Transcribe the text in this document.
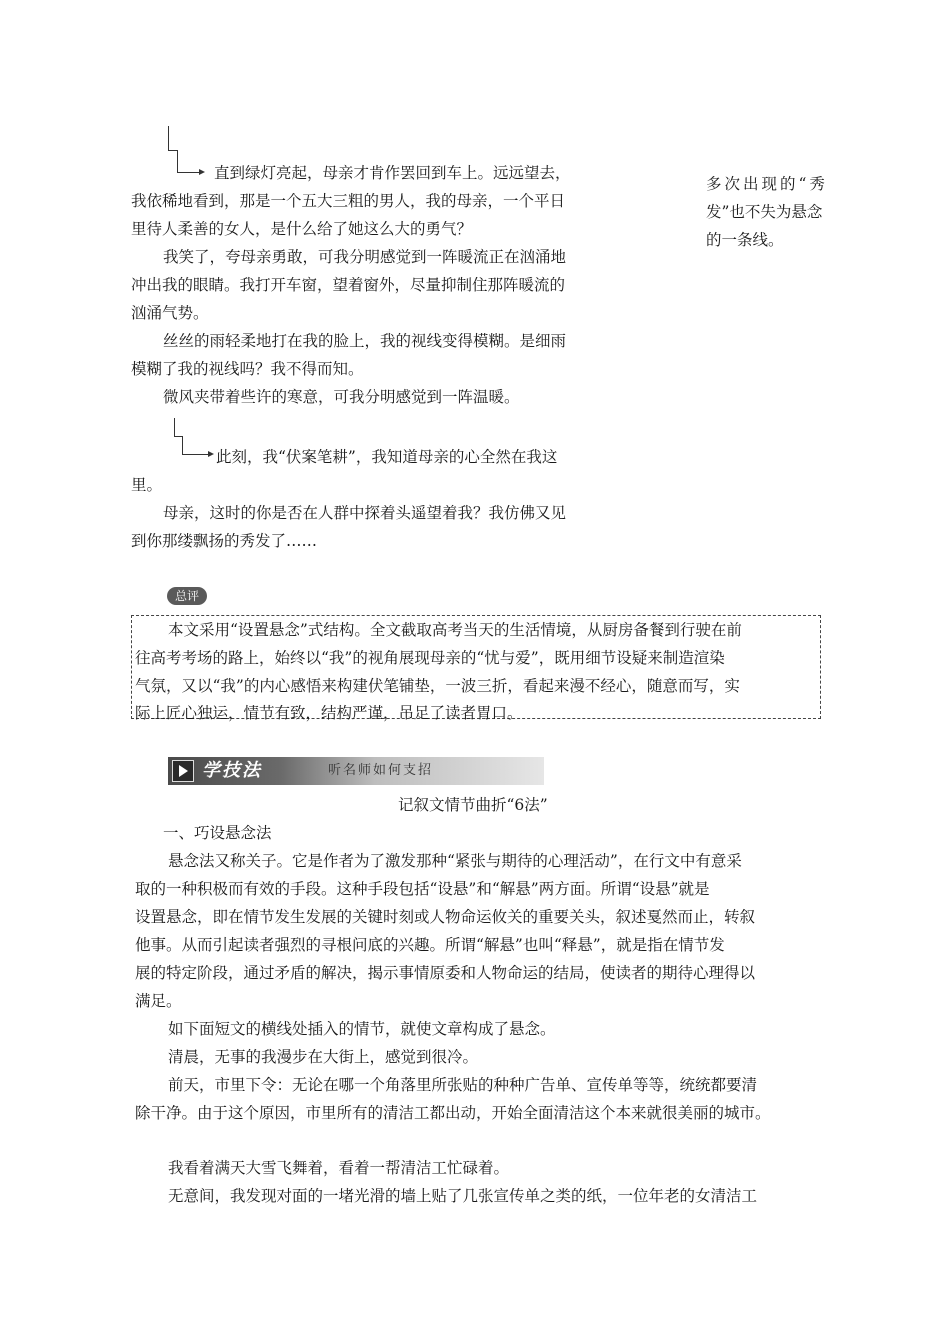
直到绿灯亮起，母亲才肯作罢回到车上。远远望去，
我依稀地看到，那是一个五大三粗的男人，我的母亲，一个平日
里待人柔善的女人，是什么给了她这么大的勇气？
我笑了，夸母亲勇敢，可我分明感觉到一阵暖流正在汹涌地
冲出我的眼睛。我打开车窗，望着窗外，尽量抑制住那阵暖流的
汹涌气势。
丝丝的雨轻柔地打在我的脸上，我的视线变得模糊。是细雨
模糊了我的视线吗？我不得而知。
微风夹带着些许的寒意，可我分明感觉到一阵温暖。
此刻，我“伏案笔耕”，我知道母亲的心全然在我这
里。
母亲，这时的你是否在人群中探着头遥望着我？我仿佛又见
到你那缕飘扬的秀发了……
多次出现的“秀
发”也不失为悬念
的一条线。
总评
本文采用“设置悬念”式结构。全文截取高考当天的生活情境，从厨房备餐到行驶在前
往高考考场的路上，始终以“我”的视角展现母亲的“忧与爱”，既用细节设疑来制造渲染
气氛，又以“我”的内心感悟来构建伏笔铺垫，一波三折，看起来漫不经心，随意而写，实
际上匠心独运，情节有致，结构严谨，吊足了读者胃口。
学技法	听名师如何支招
记叙文情节曲折“6法”
一、巧设悬念法
悬念法又称关子。它是作者为了激发那种“紧张与期待的心理活动”，在行文中有意采
取的一种积极而有效的手段。这种手段包括“设悬”和“解悬”两方面。所谓“设悬”就是
设置悬念，即在情节发生发展的关键时刻或人物命运攸关的重要关头，叙述戛然而止，转叙
他事。从而引起读者强烈的寻根问底的兴趣。所谓“解悬”也叫“释悬”，就是指在情节发
展的特定阶段，通过矛盾的解决，揭示事情原委和人物命运的结局，使读者的期待心理得以
满足。
如下面短文的横线处插入的情节，就使文章构成了悬念。
清晨，无事的我漫步在大街上，感觉到很冷。
前天，市里下令：无论在哪一个角落里所张贴的种种广告单、宣传单等等，统统都要清
除干净。由于这个原因，市里所有的清洁工都出动，开始全面清洁这个本来就很美丽的城市。
我看着满天大雪飞舞着，看着一帮清洁工忙碌着。
无意间，我发现对面的一堵光滑的墙上贴了几张宣传单之类的纸，一位年老的女清洁工
